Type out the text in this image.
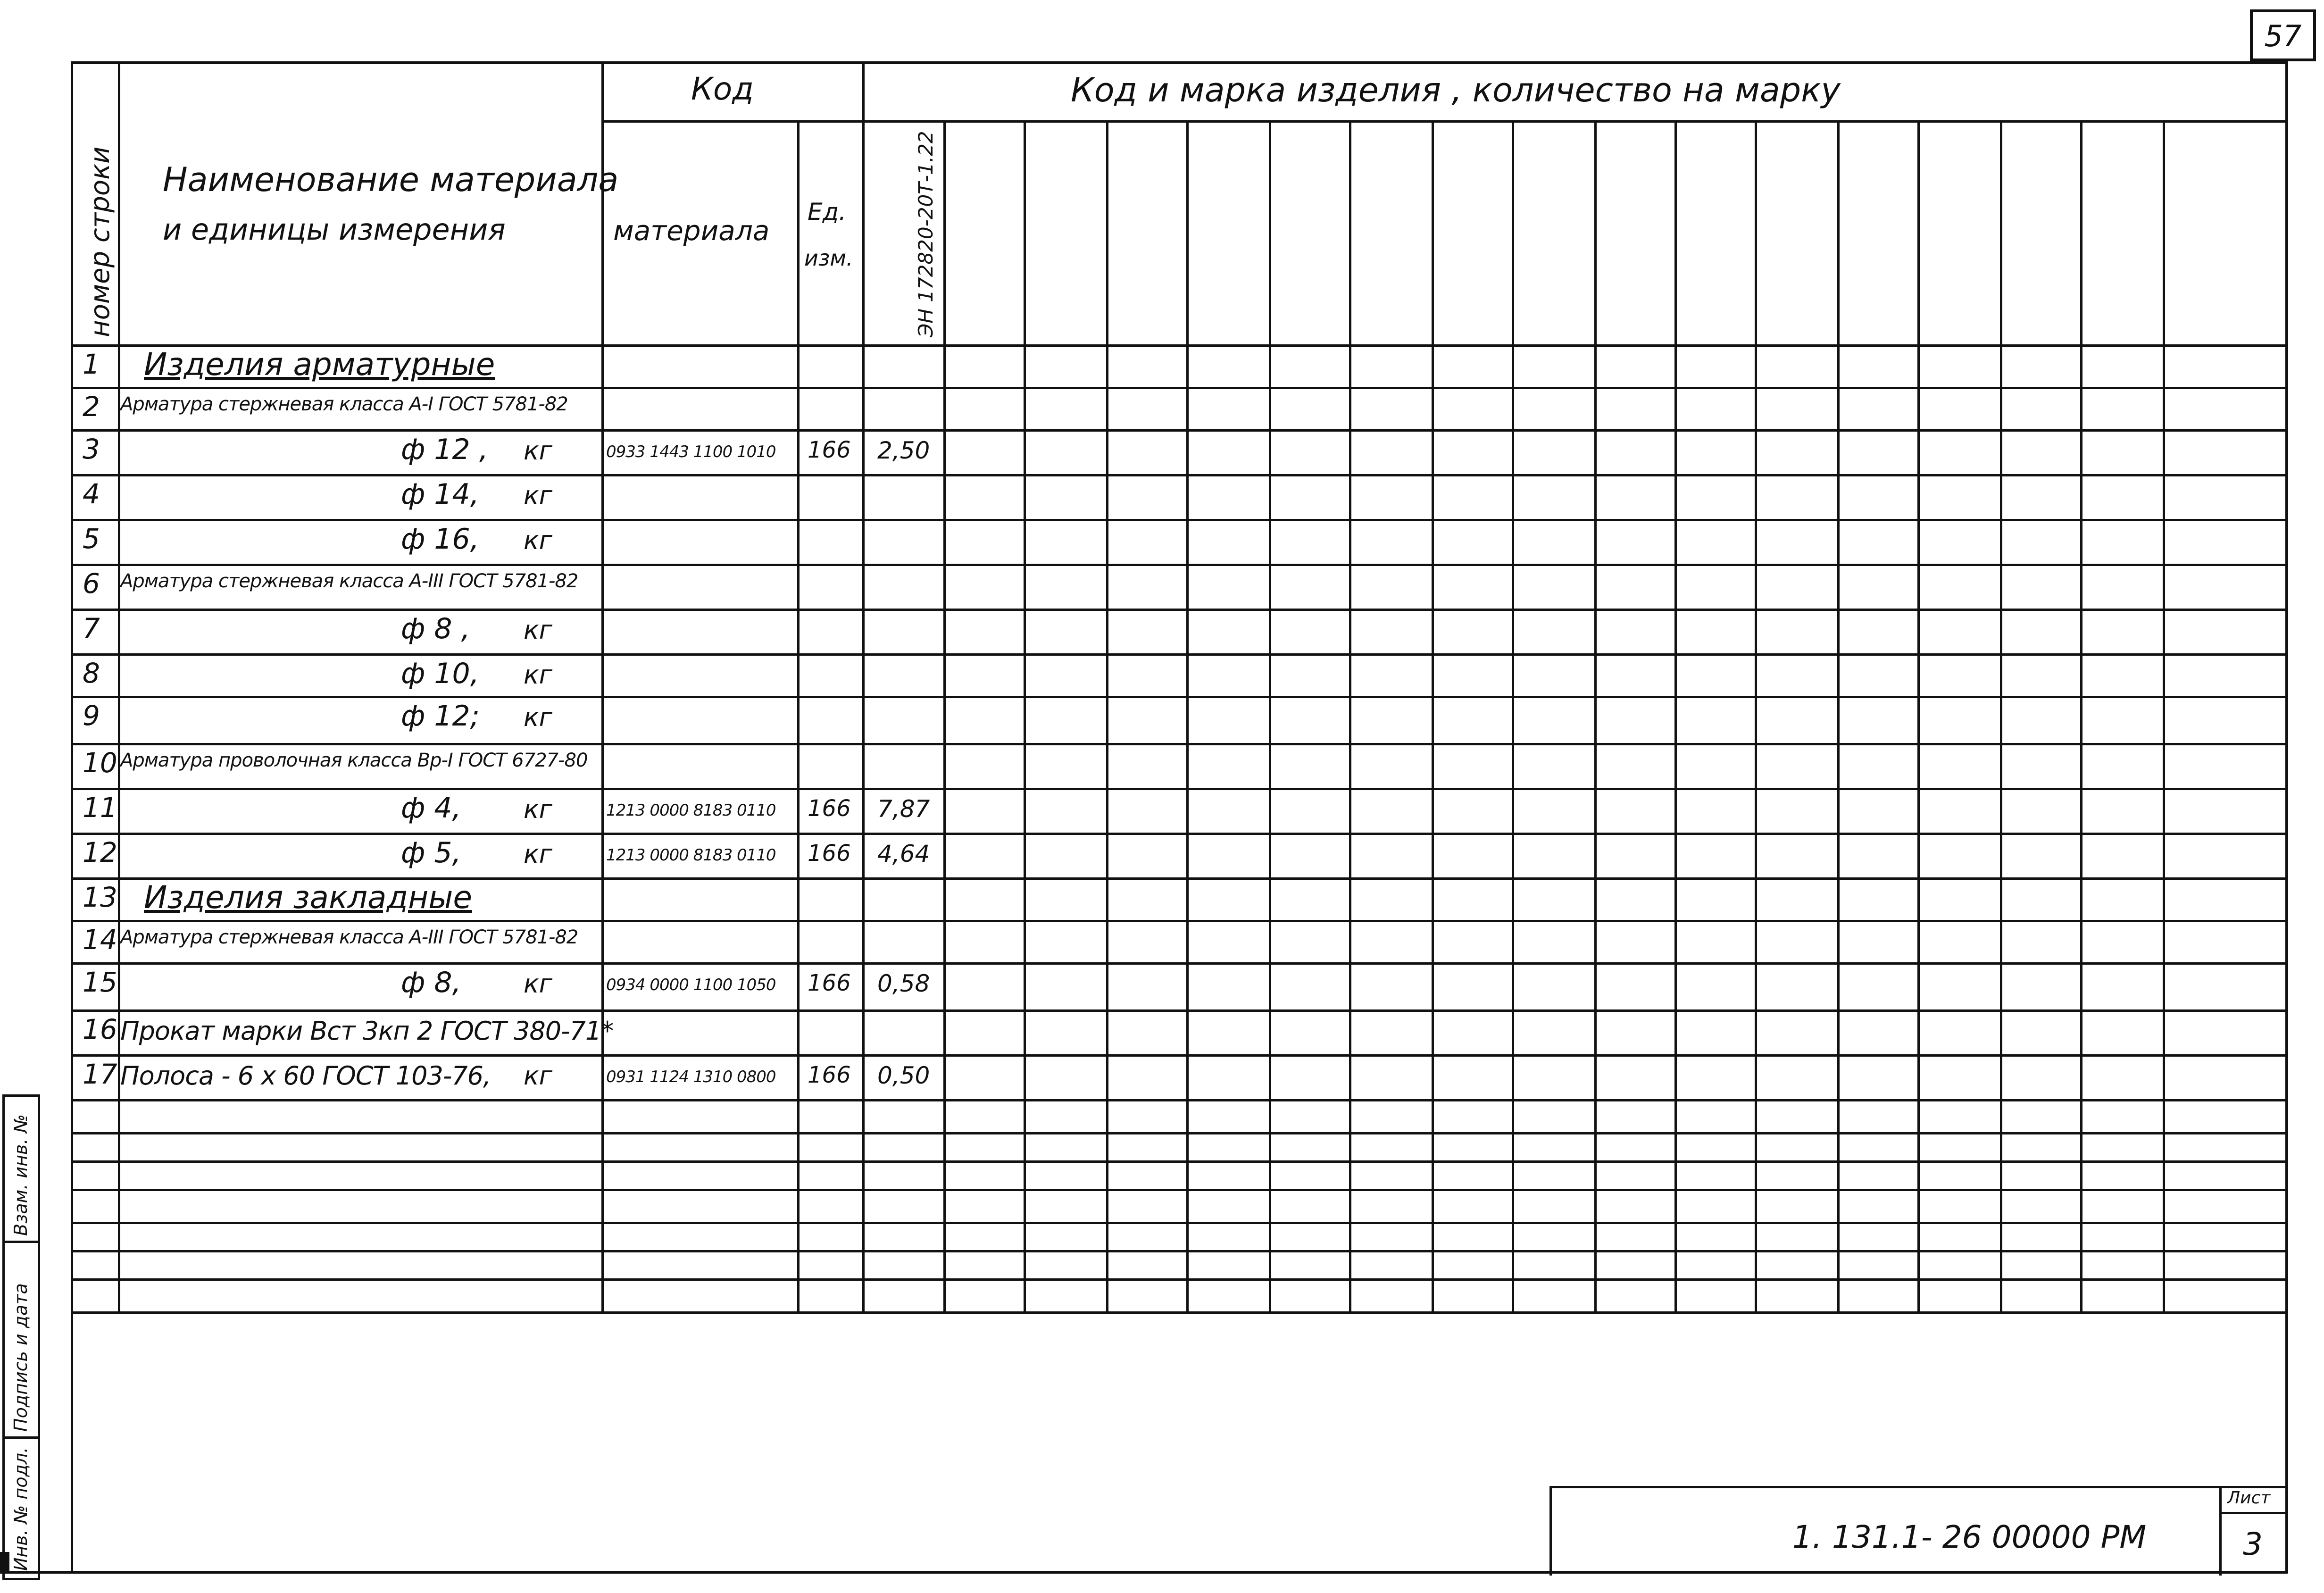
57
номер строки Наименование материала
и единицы измерения
Код
материала
Ед.
изм.
Код и марка изделия , количество на марку
ЭН 172820-20Т-1.22
1 Изделия арматурные
2 Арматура стержневая класса А-I ГОСТ 5781-82
3	ф 12 , кг	0933 1443 1100 1010 166 2,50
4	ф 14, кг
5	ф 16, кг
6 Арматура стержневая класса А-III ГОСТ 5781-82
7	ф 8 , кг
8	ф 10, кг
9	ф 12; кг
10 Арматура проволочная класса Вр-I ГОСТ 6727-80
11	ф 4, кг	1213 0000 8183 0110 166 7,87
12	ф 5, кг	1213 0000 8183 0110 166 4,64
13 Изделия закладные
14 Арматура стержневая класса А-III ГОСТ 5781-82
15	ф 8, кг	0934 0000 1100 1050 166 0,58
16 Прокат марки Вст 3кп 2 ГОСТ 380-71*
17 Полоса - 6 х 60 ГОСТ 103-76, кг	0931 1124 1310 0800 166 0,50
1. 131.1- 26 00000 РМ
Лист
3
Взам. инв. №
Подпись и дата
Инв. № подл.
